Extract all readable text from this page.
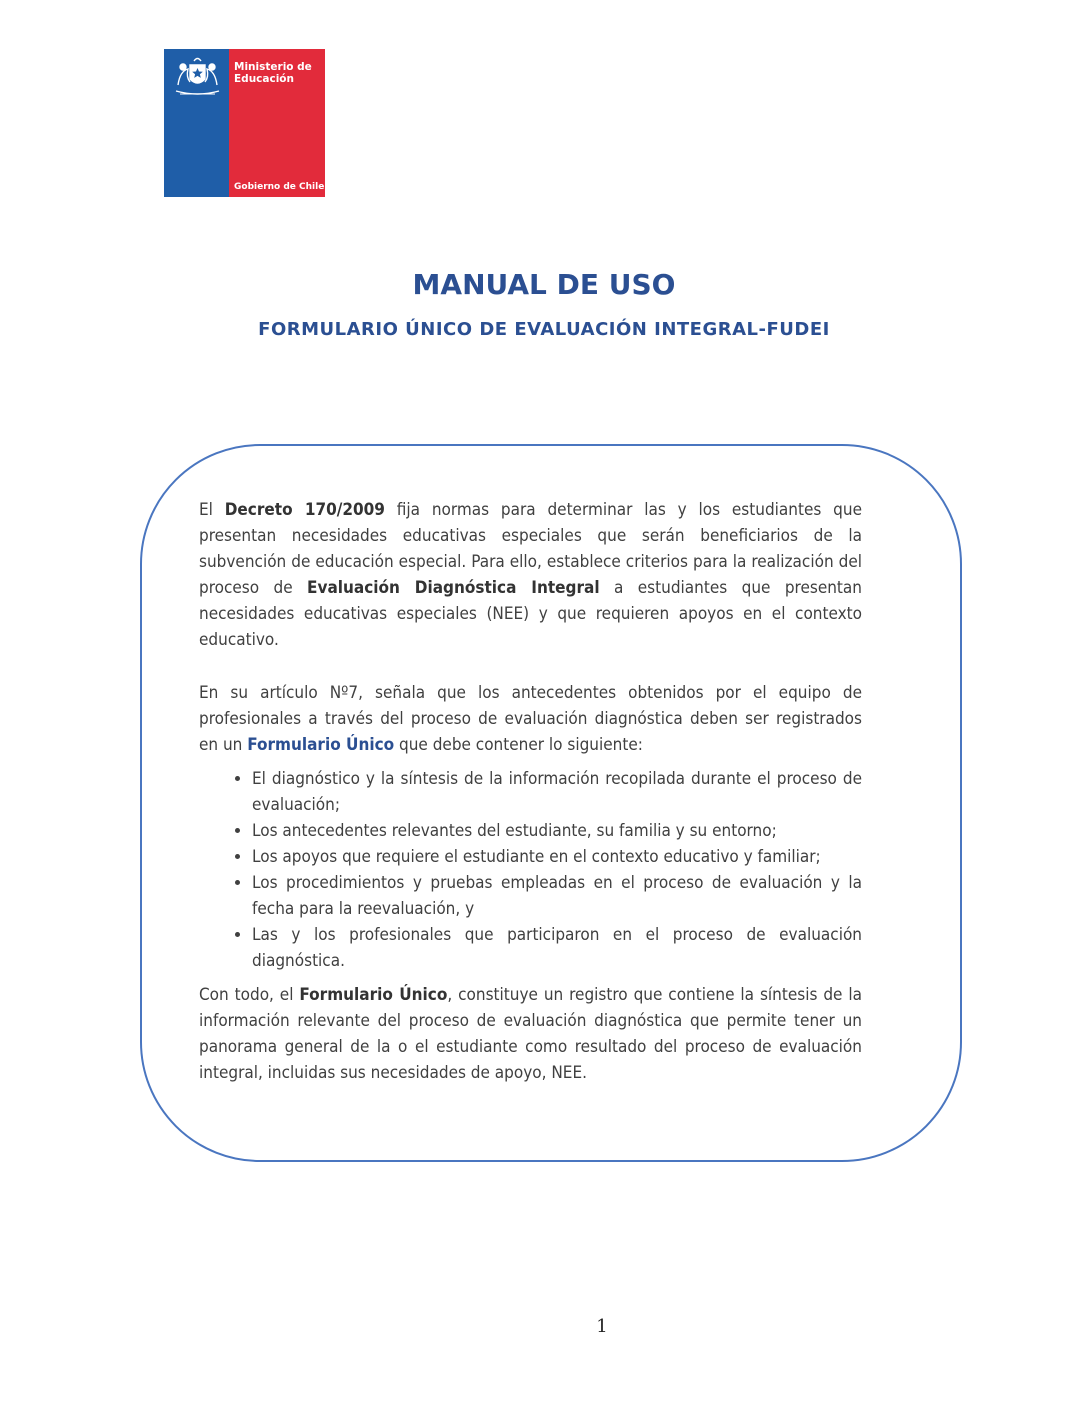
Ministerio de
Educación
Gobierno de Chile
MANUAL DE USO
FORMULARIO ÚNICO DE EVALUACIÓN INTEGRAL-FUDEI

El Decreto 170/2009 fija normas para determinar las y los estudiantes que presentan necesidades educativas especiales que serán beneficiarios de la subvención de educación especial. Para ello, establece criterios para la realización del proceso de Evaluación Diagnóstica Integral a estudiantes que presentan necesidades educativas especiales (NEE) y que requieren apoyos en el contexto educativo.

En su artículo Nº7, señala que los antecedentes obtenidos por el equipo de profesionales a través del proceso de evaluación diagnóstica deben ser registrados en un Formulario Único que debe contener lo siguiente:

• El diagnóstico y la síntesis de la información recopilada durante el proceso de evaluación;
• Los antecedentes relevantes del estudiante, su familia y su entorno;
• Los apoyos que requiere el estudiante en el contexto educativo y familiar;
• Los procedimientos y pruebas empleadas en el proceso de evaluación y la fecha para la reevaluación, y
• Las y los profesionales que participaron en el proceso de evaluación diagnóstica.

Con todo, el Formulario Único, constituye un registro que contiene la síntesis de la información relevante del proceso de evaluación diagnóstica que permite tener un panorama general de la o el estudiante como resultado del proceso de evaluación integral, incluidas sus necesidades de apoyo, NEE.

1
